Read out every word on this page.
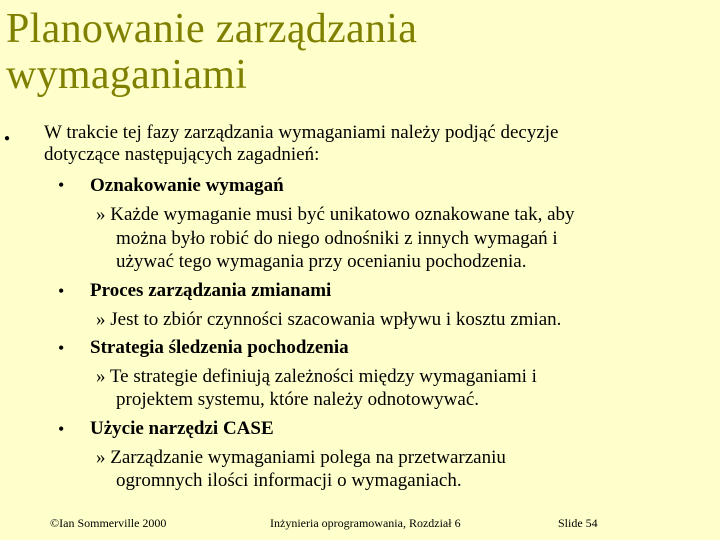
Planowanie zarządzania
wymaganiami
● W trakcie tej fazy zarządzania wymaganiami należy podjąć decyzje
dotyczące następujących zagadnień:
• Oznakowanie wymagań
» Każde wymaganie musi być unikatowo oznakowane tak, aby
można było robić do niego odnośniki z innych wymagań i
używać tego wymagania przy ocenianiu pochodzenia.
• Proces zarządzania zmianami
» Jest to zbiór czynności szacowania wpływu i kosztu zmian.
• Strategia śledzenia pochodzenia
» Te strategie definiują zależności między wymaganiami i
projektem systemu, które należy odnotowywać.
• Użycie narzędzi CASE
» Zarządzanie wymaganiami polega na przetwarzaniu
ogromnych ilości informacji o wymaganiach.
©Ian Sommerville 2000	Inżynieria oprogramowania, Rozdział 6	Slide 54
